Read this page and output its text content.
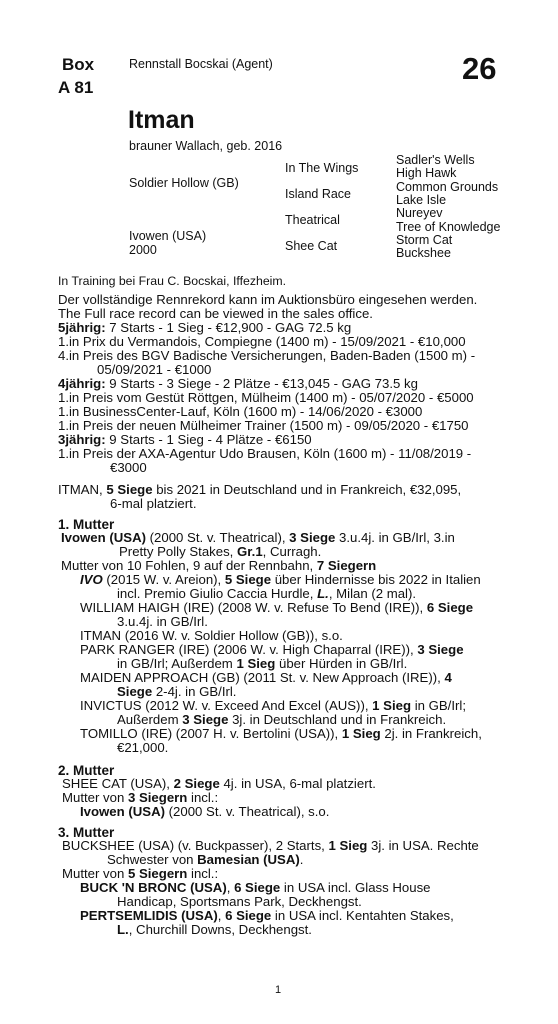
Box
A 81
Rennstall Bocskai (Agent)	26
Itman
brauner Wallach, geb. 2016
Soldier Hollow (GB)
Ivowen (USA)
2000
In The Wings
Island Race
Theatrical
Shee Cat
Sadler's Wells
High Hawk
Common Grounds
Lake Isle
Nureyev
Tree of Knowledge
Storm Cat
Buckshee
In Training bei Frau C. Bocskai, Iffezheim.
Der vollständige Rennrekord kann im Auktionsbüro eingesehen werden.
The Full race record can be viewed in the sales office.
5jährig: 7 Starts - 1 Sieg - €12,900 - GAG 72.5 kg
1.in Prix du Vermandois, Compiegne (1400 m) - 15/09/2021 - €10,000
4.in Preis des BGV Badische Versicherungen, Baden-Baden (1500 m) -
05/09/2021 - €1000
4jährig: 9 Starts - 3 Siege - 2 Plätze - €13,045 - GAG 73.5 kg
1.in Preis vom Gestüt Röttgen, Mülheim (1400 m) - 05/07/2020 - €5000
1.in BusinessCenter-Lauf, Köln (1600 m) - 14/06/2020 - €3000
1.in Preis der neuen Mülheimer Trainer (1500 m) - 09/05/2020 - €1750
3jährig: 9 Starts - 1 Sieg - 4 Plätze - €6150
1.in Preis der AXA-Agentur Udo Brausen, Köln (1600 m) - 11/08/2019 -
€3000
ITMAN, 5 Siege bis 2021 in Deutschland und in Frankreich, €32,095,
6-mal platziert.
1. Mutter
Ivowen (USA) (2000 St. v. Theatrical), 3 Siege 3.u.4j. in GB/Irl, 3.in
Pretty Polly Stakes, Gr.1, Curragh.
Mutter von 10 Fohlen, 9 auf der Rennbahn, 7 Siegern
IVO (2015 W. v. Areion), 5 Siege über Hindernisse bis 2022 in Italien
incl. Premio Giulio Caccia Hurdle, L., Milan (2 mal).
WILLIAM HAIGH (IRE) (2008 W. v. Refuse To Bend (IRE)), 6 Siege
3.u.4j. in GB/Irl.
ITMAN (2016 W. v. Soldier Hollow (GB)), s.o.
PARK RANGER (IRE) (2006 W. v. High Chaparral (IRE)), 3 Siege
in GB/Irl; Außerdem 1 Sieg über Hürden in GB/Irl.
MAIDEN APPROACH (GB) (2011 St. v. New Approach (IRE)), 4
Siege 2-4j. in GB/Irl.
INVICTUS (2012 W. v. Exceed And Excel (AUS)), 1 Sieg in GB/Irl;
Außerdem 3 Siege 3j. in Deutschland und in Frankreich.
TOMILLO (IRE) (2007 H. v. Bertolini (USA)), 1 Sieg 2j. in Frankreich,
€21,000.
2. Mutter
SHEE CAT (USA), 2 Siege 4j. in USA, 6-mal platziert.
Mutter von 3 Siegern incl.:
Ivowen (USA) (2000 St. v. Theatrical), s.o.
3. Mutter
BUCKSHEE (USA) (v. Buckpasser), 2 Starts, 1 Sieg 3j. in USA. Rechte
Schwester von Bamesian (USA).
Mutter von 5 Siegern incl.:
BUCK 'N BRONC (USA), 6 Siege in USA incl. Glass House
Handicap, Sportsmans Park, Deckhengst.
PERTSEMLIDIS (USA), 6 Siege in USA incl. Kentahten Stakes,
L., Churchill Downs, Deckhengst.
1
